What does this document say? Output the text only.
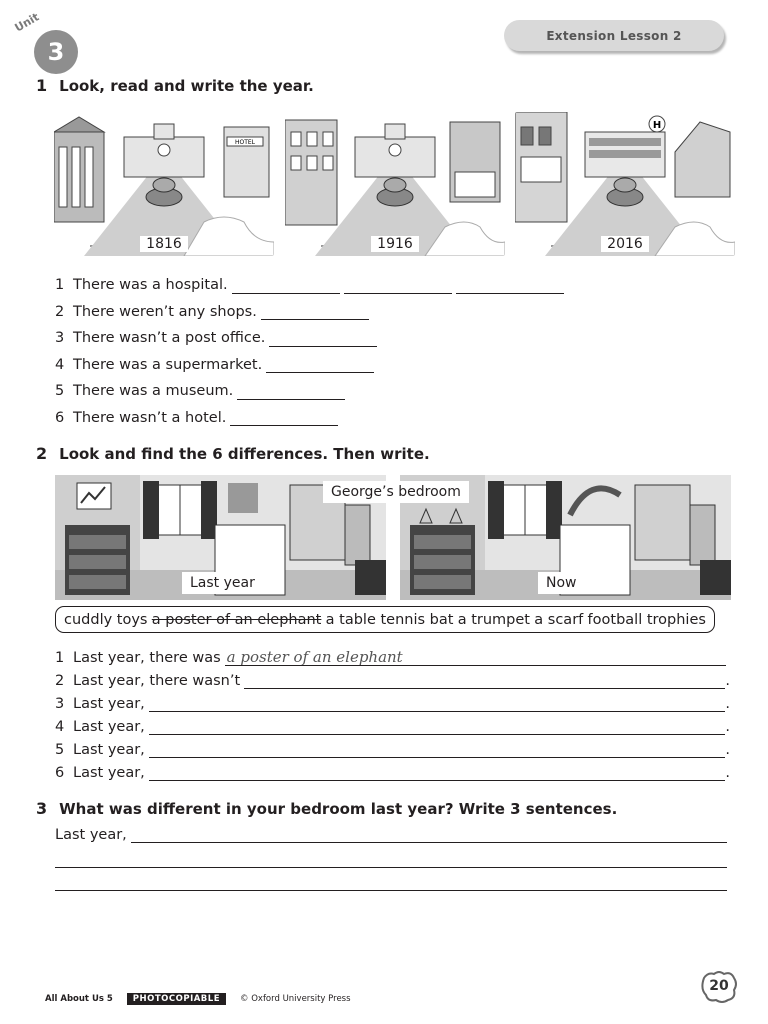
Unit
3
Extension Lesson 2
1 Look, read and write the year.
HOTEL
1816	1916
H
2016
1 There was a hospital.
2 There weren’t any shops.
3 There wasn’t a post office.
4 There was a supermarket.
5 There was a museum.
6 There wasn’t a hotel.
2 Look and find the 6 differences. Then write.
Last year	Now
George’s bedroom
cuddly toys a poster of an elephant a table tennis bat a trumpet a scarf football trophies
1 Last year, there was a poster of an elephant
2 Last year, there wasn’t	.
3 Last year,	.
4 Last year,	.
5 Last year,	.
6 Last year,	.
3 What was different in your bedroom last year? Write 3 sentences.
Last year,
All About Us 5	PHOTOCOPIABLE	© Oxford University Press
20
